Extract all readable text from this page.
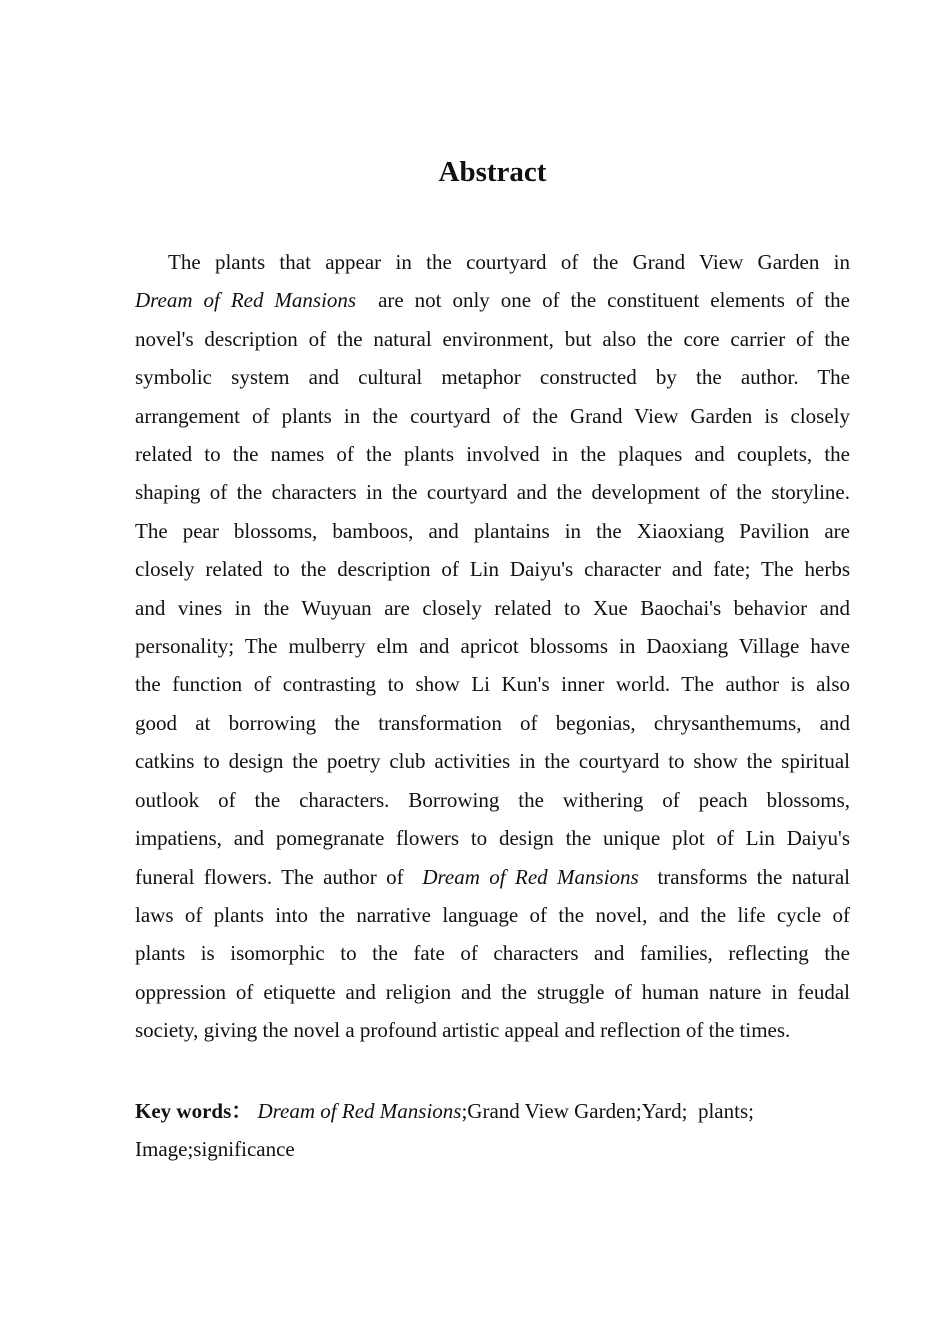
Abstract
The plants that appear in the courtyard of the Grand View Garden in
Dream of Red Mansions  are not only one of the constituent elements of the
novel's description of the natural environment, but also the core carrier of the
symbolic system and cultural metaphor constructed by the author. The
arrangement of plants in the courtyard of the Grand View Garden is closely
related to the names of the plants involved in the plaques and couplets, the
shaping of the characters in the courtyard and the development of the storyline.
The pear blossoms, bamboos, and plantains in the Xiaoxiang Pavilion are
closely related to the description of Lin Daiyu's character and fate; The herbs
and vines in the Wuyuan are closely related to Xue Baochai's behavior and
personality; The mulberry elm and apricot blossoms in Daoxiang Village have
the function of contrasting to show Li Kun's inner world. The author is also
good at borrowing the transformation of begonias, chrysanthemums, and
catkins to design the poetry club activities in the courtyard to show the spiritual
outlook of the characters. Borrowing the withering of peach blossoms,
impatiens, and pomegranate flowers to design the unique plot of Lin Daiyu's
funeral flowers. The author of  Dream of Red Mansions  transforms the natural
laws of plants into the narrative language of the novel, and the life cycle of
plants is isomorphic to the fate of characters and families, reflecting the
oppression of etiquette and religion and the struggle of human nature in feudal
society, giving the novel a profound artistic appeal and reflection of the times.
Key words： Dream of Red Mansions;Grand View Garden;Yard;  plants;
Image;significance
